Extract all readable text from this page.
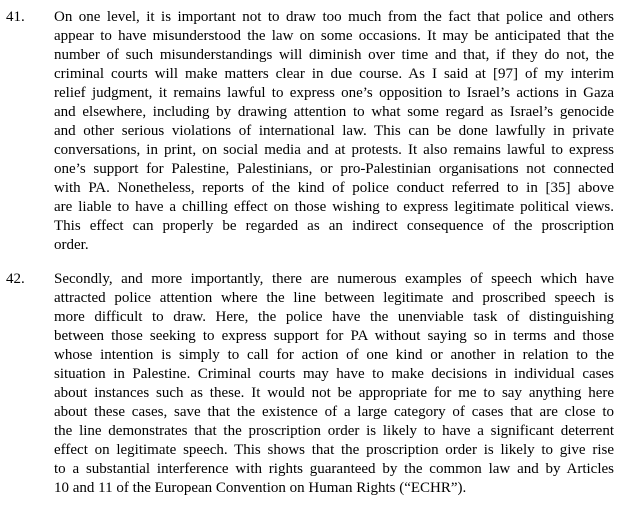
41. On one level, it is important not to draw too much from the fact that police and others
appear to have misunderstood the law on some occasions. It may be anticipated that the
number of such misunderstandings will diminish over time and that, if they do not, the
criminal courts will make matters clear in due course. As I said at [97] of my interim
relief judgment, it remains lawful to express one’s opposition to Israel’s actions in Gaza
and elsewhere, including by drawing attention to what some regard as Israel’s genocide
and other serious violations of international law. This can be done lawfully in private
conversations, in print, on social media and at protests. It also remains lawful to express
one’s support for Palestine, Palestinians, or pro-Palestinian organisations not connected
with PA. Nonetheless, reports of the kind of police conduct referred to in [35] above
are liable to have a chilling effect on those wishing to express legitimate political views.
This effect can properly be regarded as an indirect consequence of the proscription
order.
42. Secondly, and more importantly, there are numerous examples of speech which have
attracted police attention where the line between legitimate and proscribed speech is
more difficult to draw. Here, the police have the unenviable task of distinguishing
between those seeking to express support for PA without saying so in terms and those
whose intention is simply to call for action of one kind or another in relation to the
situation in Palestine. Criminal courts may have to make decisions in individual cases
about instances such as these. It would not be appropriate for me to say anything here
about these cases, save that the existence of a large category of cases that are close to
the line demonstrates that the proscription order is likely to have a significant deterrent
effect on legitimate speech. This shows that the proscription order is likely to give rise
to a substantial interference with rights guaranteed by the common law and by Articles
10 and 11 of the European Convention on Human Rights (“ECHR”).
